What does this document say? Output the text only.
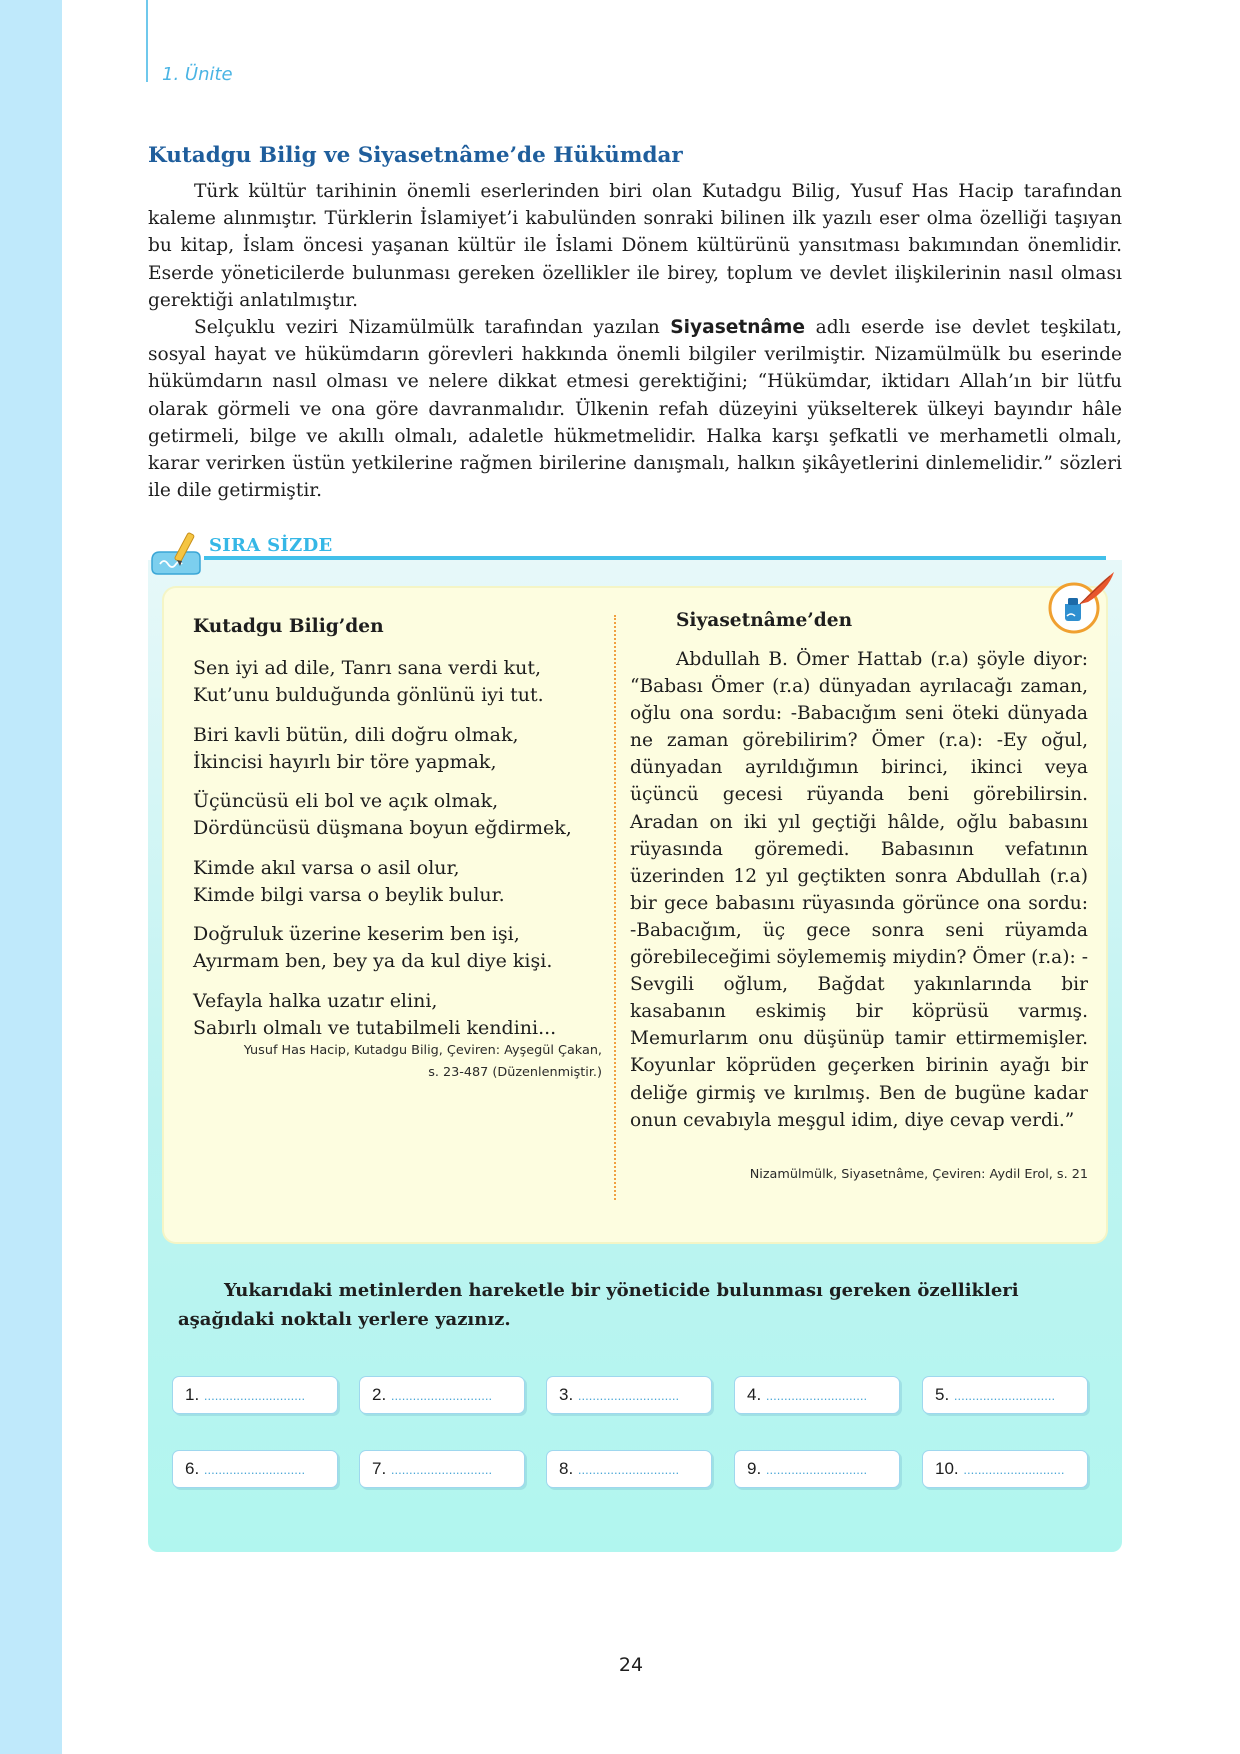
1. Ünite
Kutadgu Bilig ve Siyasetnâme’de Hükümdar

Türk kültür tarihinin önemli eserlerinden biri olan Kutadgu Bilig, Yusuf Has Hacip tarafından kaleme alınmıştır. Türklerin İslamiyet’i kabulünden sonraki bilinen ilk yazılı eser olma özelliği taşıyan bu kitap, İslam öncesi yaşanan kültür ile İslami Dönem kültürünü yansıtması bakımından önemlidir. Eserde yöneticilerde bulunması gereken özellikler ile birey, toplum ve devlet ilişkilerinin nasıl olması gerektiği anlatılmıştır.

Selçuklu veziri Nizamülmülk tarafından yazılan Siyasetnâme adlı eserde ise devlet teşkilatı, sosyal hayat ve hükümdarın görevleri hakkında önemli bilgiler verilmiştir. Nizamülmülk bu eserinde hükümdarın nasıl olması ve nelere dikkat etmesi gerektiğini; “Hükümdar, iktidarı Allah’ın bir lütfu olarak görmeli ve ona göre davranmalıdır. Ülkenin refah düzeyini yükselterek ülkeyi bayındır hâle getirmeli, bilge ve akıllı olmalı, adaletle hükmetmelidir. Halka karşı şefkatli ve merhametli olmalı, karar verirken üstün yetkilerine rağmen birilerine danışmalı, halkın şikâyetlerini dinlemelidir.” sözleri ile dile getirmiştir.

SIRA SİZDE
Kutadgu Bilig’den
Sen iyi ad dile, Tanrı sana verdi kut,
Kut’unu bulduğunda gönlünü iyi tut.
Biri kavli bütün, dili doğru olmak,
İkincisi hayırlı bir töre yapmak,
Üçüncüsü eli bol ve açık olmak,
Dördüncüsü düşmana boyun eğdirmek,
Kimde akıl varsa o asil olur,
Kimde bilgi varsa o beylik bulur.
Doğruluk üzerine keserim ben işi,
Ayırmam ben, bey ya da kul diye kişi.
Vefayla halka uzatır elini,
Sabırlı olmalı ve tutabilmeli kendini...
Yusuf Has Hacip, Kutadgu Bilig, Çeviren: Ayşegül Çakan,
s. 23-487 (Düzenlenmiştir.)
Siyasetnâme’den

Abdullah B. Ömer Hattab (r.a) şöyle diyor: “Babası Ömer (r.a) dünyadan ayrılacağı zaman, oğlu ona sordu: -Babacığım seni öteki dünyada ne zaman görebilirim? Ömer (r.a): -Ey oğul, dünyadan ayrıldığımın birinci, ikinci veya üçüncü gecesi rüyanda beni görebilirsin. Aradan on iki yıl geçtiği hâlde, oğlu babasını rüyasında göremedi. Babasının vefatının üzerinden 12 yıl geçtikten sonra Abdullah (r.a) bir gece babasını rüyasında görünce ona sordu: -Babacığım, üç gece sonra seni rüyamda görebileceğimi söylememiş miydin? Ömer (r.a): -Sevgili oğlum, Bağdat yakınlarında bir kasabanın eskimiş bir köprüsü varmış. Memurlarım onu düşünüp tamir ettirmemişler. Koyunlar köprüden geçerken birinin ayağı bir deliğe girmiş ve kırılmış. Ben de bugüne kadar onun cevabıyla meşgul idim, diye cevap verdi.”

Nizamülmülk, Siyasetnâme, Çeviren: Aydil Erol, s. 21
Yukarıdaki metinlerden hareketle bir yöneticide bulunması gereken özellikleri
aşağıdaki noktalı yerlere yazınız.
1. ............................	2. ............................	3. ............................	4. ............................	5. ............................
6. ............................	7. ............................	8. ............................	9. ............................	10. ............................
24
